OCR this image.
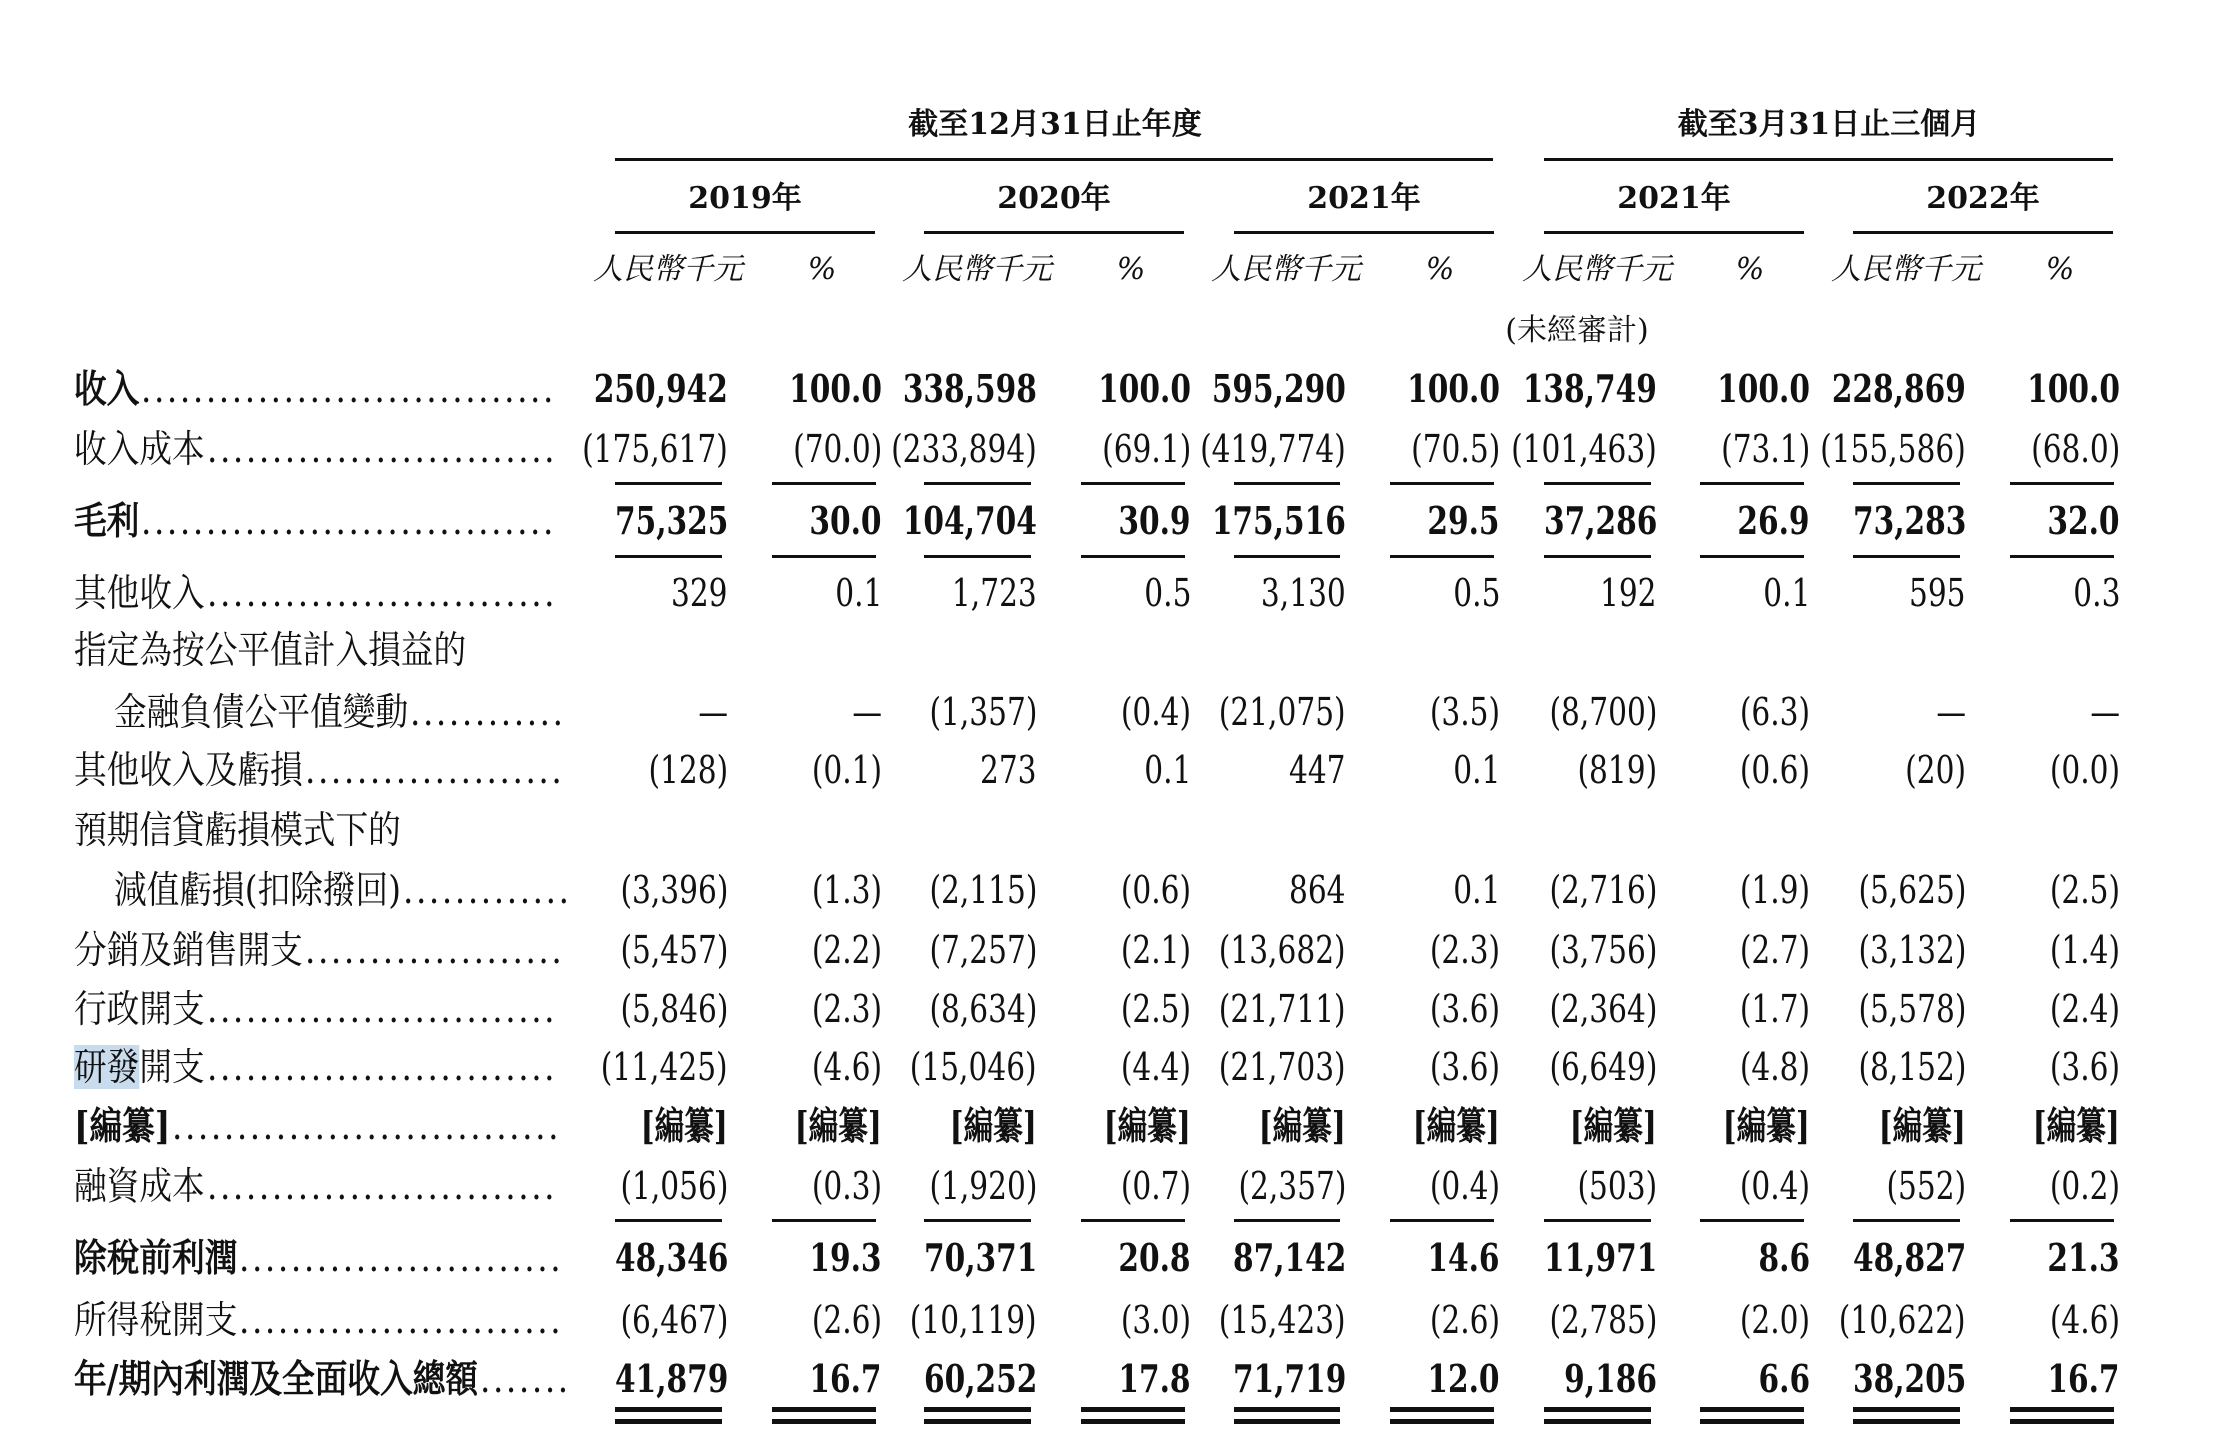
截至12月31日止年度	截至3月31日止三個月
2019年	2020年	2021年	2021年	2022年
人民幣千元	%	人民幣千元	%	人民幣千元	%	人民幣千元	%	人民幣千元	%
(未經審計)
收入 ................................ 250,942 100.0 338,598 100.0 595,290 100.0 138,749 100.0 228,869 100.0
收入成本 ........................... (175,617) (70.0) (233,894) (69.1) (419,774) (70.5) (101,463) (73.1) (155,586) (68.0)
毛利 ................................ 75,325 30.0 104,704 30.9 175,516 29.5 37,286 26.9 73,283 32.0
其他收入 ...........................	329	0.1 1,723	0.5 3,130	0.5	192	0.1	595	0.3
指定為按公平值計入損益的
金融負債公平值變動 ............	—	— (1,357) (0.4) (21,075) (3.5) (8,700) (6.3)	—	—
其他收入及虧損 .................... (128) (0.1)	273	0.1	447	0.1 (819) (0.6)	(20) (0.0)
預期信貸虧損模式下的
減值虧損(扣除撥回) ............. (3,396) (1.3) (2,115) (0.6)	864	0.1 (2,716) (1.9) (5,625) (2.5)
分銷及銷售開支 .................... (5,457) (2.2) (7,257) (2.1) (13,682) (2.3) (3,756) (2.7) (3,132) (1.4)
行政開支 ........................... (5,846) (2.3) (8,634) (2.5) (21,711) (3.6) (2,364) (1.7) (5,578) (2.4)
研發開支 ........................... (11,425) (4.6) (15,046) (4.4) (21,703) (3.6) (6,649) (4.8) (8,152) (3.6)
[編纂] .............................. [編纂] [編纂] [編纂] [編纂] [編纂] [編纂] [編纂] [編纂] [編纂] [編纂]
融資成本 ........................... (1,056) (0.3) (1,920) (0.7) (2,357) (0.4) (503) (0.4) (552) (0.2)
除稅前利潤 ......................... 48,346 19.3 70,371 20.8 87,142 14.6 11,971	8.6 48,827 21.3
所得稅開支 ......................... (6,467) (2.6) (10,119) (3.0) (15,423) (2.6) (2,785) (2.0) (10,622) (4.6)
年/期內利潤及全面收入總額 ....... 41,879 16.7 60,252 17.8 71,719 12.0 9,186	6.6 38,205 16.7
